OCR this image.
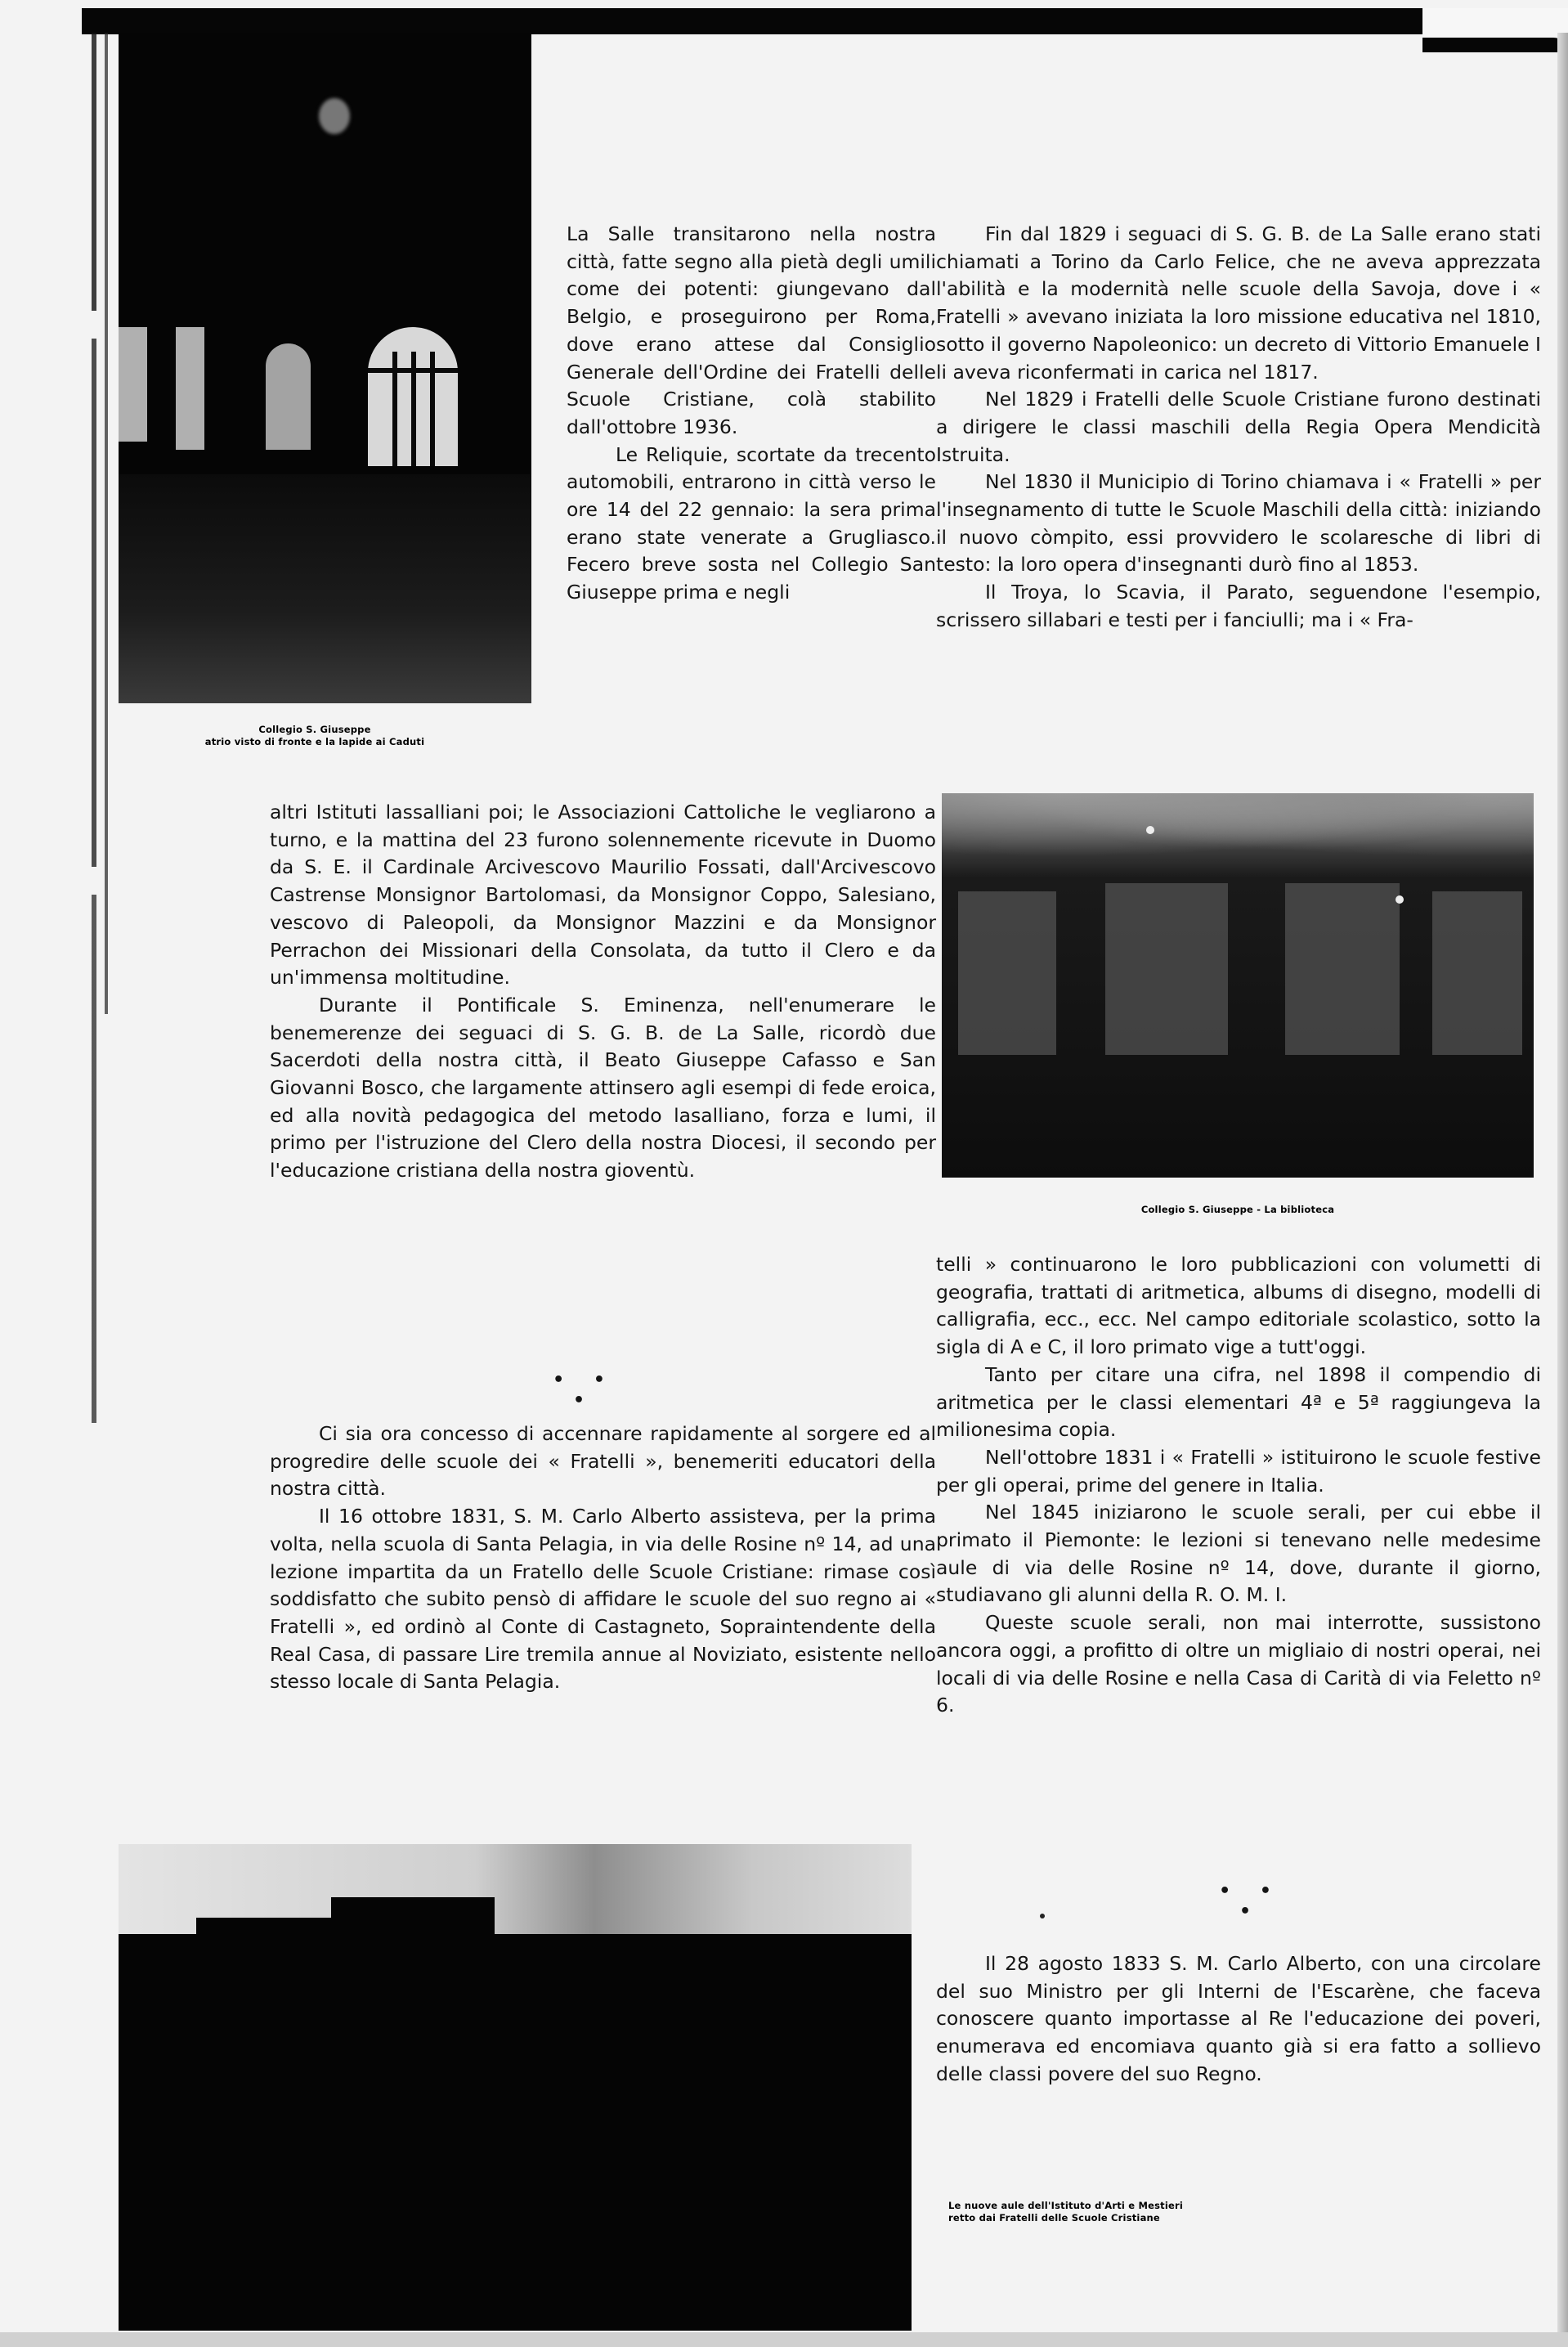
Collegio S. Giuseppe
atrio visto di fronte e la lapide ai Caduti

La Salle transitarono nella nostra città, fatte segno alla pietà degli umili come dei potenti: giungevano dal Belgio, e proseguirono per Roma, dove erano attese dal Consiglio Generale dell'Ordine dei Fratelli delle Scuole Cristiane, colà stabilito dall'ottobre 1936.

Le Reliquie, scortate da trecento automobili, entrarono in città verso le ore 14 del 22 gennaio: la sera prima erano state venerate a Grugliasco. Fecero breve sosta nel Collegio San Giuseppe prima e negli

altri Istituti lassalliani poi; le Associazioni Cattoliche le vegliarono a turno, e la mattina del 23 furono solennemente ricevute in Duomo da S. E. il Cardinale Arcivescovo Maurilio Fossati, dall'Arcivescovo Castrense Monsignor Bartolomasi, da Monsignor Coppo, Salesiano, vescovo di Paleopoli, da Monsignor Mazzini e da Monsignor Perrachon dei Missionari della Consolata, da tutto il Clero e da un'immensa moltitudine.

Durante il Pontificale S. Eminenza, nell'enumerare le benemerenze dei seguaci di S. G. B. de La Salle, ricordò due Sacerdoti della nostra città, il Beato Giuseppe Cafasso e San Giovanni Bosco, che largamente attinsero agli esempi di fede eroica, ed alla novità pedagogica del metodo lasalliano, forza e lumi, il primo per l'istruzione del Clero della nostra Diocesi, il secondo per l'educazione cristiana della nostra gioventù.

• • •

Ci sia ora concesso di accennare rapidamente al sorgere ed al progredire delle scuole dei « Fratelli », benemeriti educatori della nostra città.

Il 16 ottobre 1831, S. M. Carlo Alberto assisteva, per la prima volta, nella scuola di Santa Pelagia, in via delle Rosine nº 14, ad una lezione impartita da un Fratello delle Scuole Cristiane: rimase così soddisfatto che subito pensò di affidare le scuole del suo regno ai « Fratelli », ed ordinò al Conte di Castagneto, Sopraintendente della Real Casa, di passare Lire tremila annue al Noviziato, esistente nello stesso locale di Santa Pelagia.

Fin dal 1829 i seguaci di S. G. B. de La Salle erano stati chiamati a Torino da Carlo Felice, che ne aveva apprezzata l'abilità e la modernità nelle scuole della Savoja, dove i « Fratelli » avevano iniziata la loro missione educativa nel 1810, sotto il governo Napoleonico: un decreto di Vittorio Emanuele I li aveva riconfermati in carica nel 1817.

Nel 1829 i Fratelli delle Scuole Cristiane furono destinati a dirigere le classi maschili della Regia Opera Mendicità Istruita.

Nel 1830 il Municipio di Torino chiamava i « Fratelli » per l'insegnamento di tutte le Scuole Maschili della città: iniziando il nuovo còmpito, essi provvidero le scolaresche di libri di testo: la loro opera d'insegnanti durò fino al 1853.

Il Troya, lo Scavia, il Parato, seguendone l'esempio, scrissero sillabari e testi per i fanciulli; ma i « Fra-

Collegio S. Giuseppe - La biblioteca

telli » continuarono le loro pubblicazioni con volumetti di geografia, trattati di aritmetica, albums di disegno, modelli di calligrafia, ecc., ecc. Nel campo editoriale scolastico, sotto la sigla di A e C, il loro primato vige a tutt'oggi.

Tanto per citare una cifra, nel 1898 il compendio di aritmetica per le classi elementari 4ª e 5ª raggiungeva la milionesima copia.

Nell'ottobre 1831 i « Fratelli » istituirono le scuole festive per gli operai, prime del genere in Italia.

Nel 1845 iniziarono le scuole serali, per cui ebbe il primato il Piemonte: le lezioni si tenevano nelle medesime aule di via delle Rosine nº 14, dove, durante il giorno, studiavano gli alunni della R. O. M. I.

Queste scuole serali, non mai interrotte, sussistono ancora oggi, a profitto di oltre un migliaio di nostri operai, nei locali di via delle Rosine e nella Casa di Carità di via Feletto nº 6.

• • •

Il 28 agosto 1833 S. M. Carlo Alberto, con una circolare del suo Ministro per gli Interni de l'Escarène, che faceva conoscere quanto importasse al Re l'educazione dei poveri, enumerava ed encomiava quanto già si era fatto a sollievo delle classi povere del suo Regno.

Le nuove aule dell'Istituto d'Arti e Mestieri
retto dai Fratelli delle Scuole Cristiane
